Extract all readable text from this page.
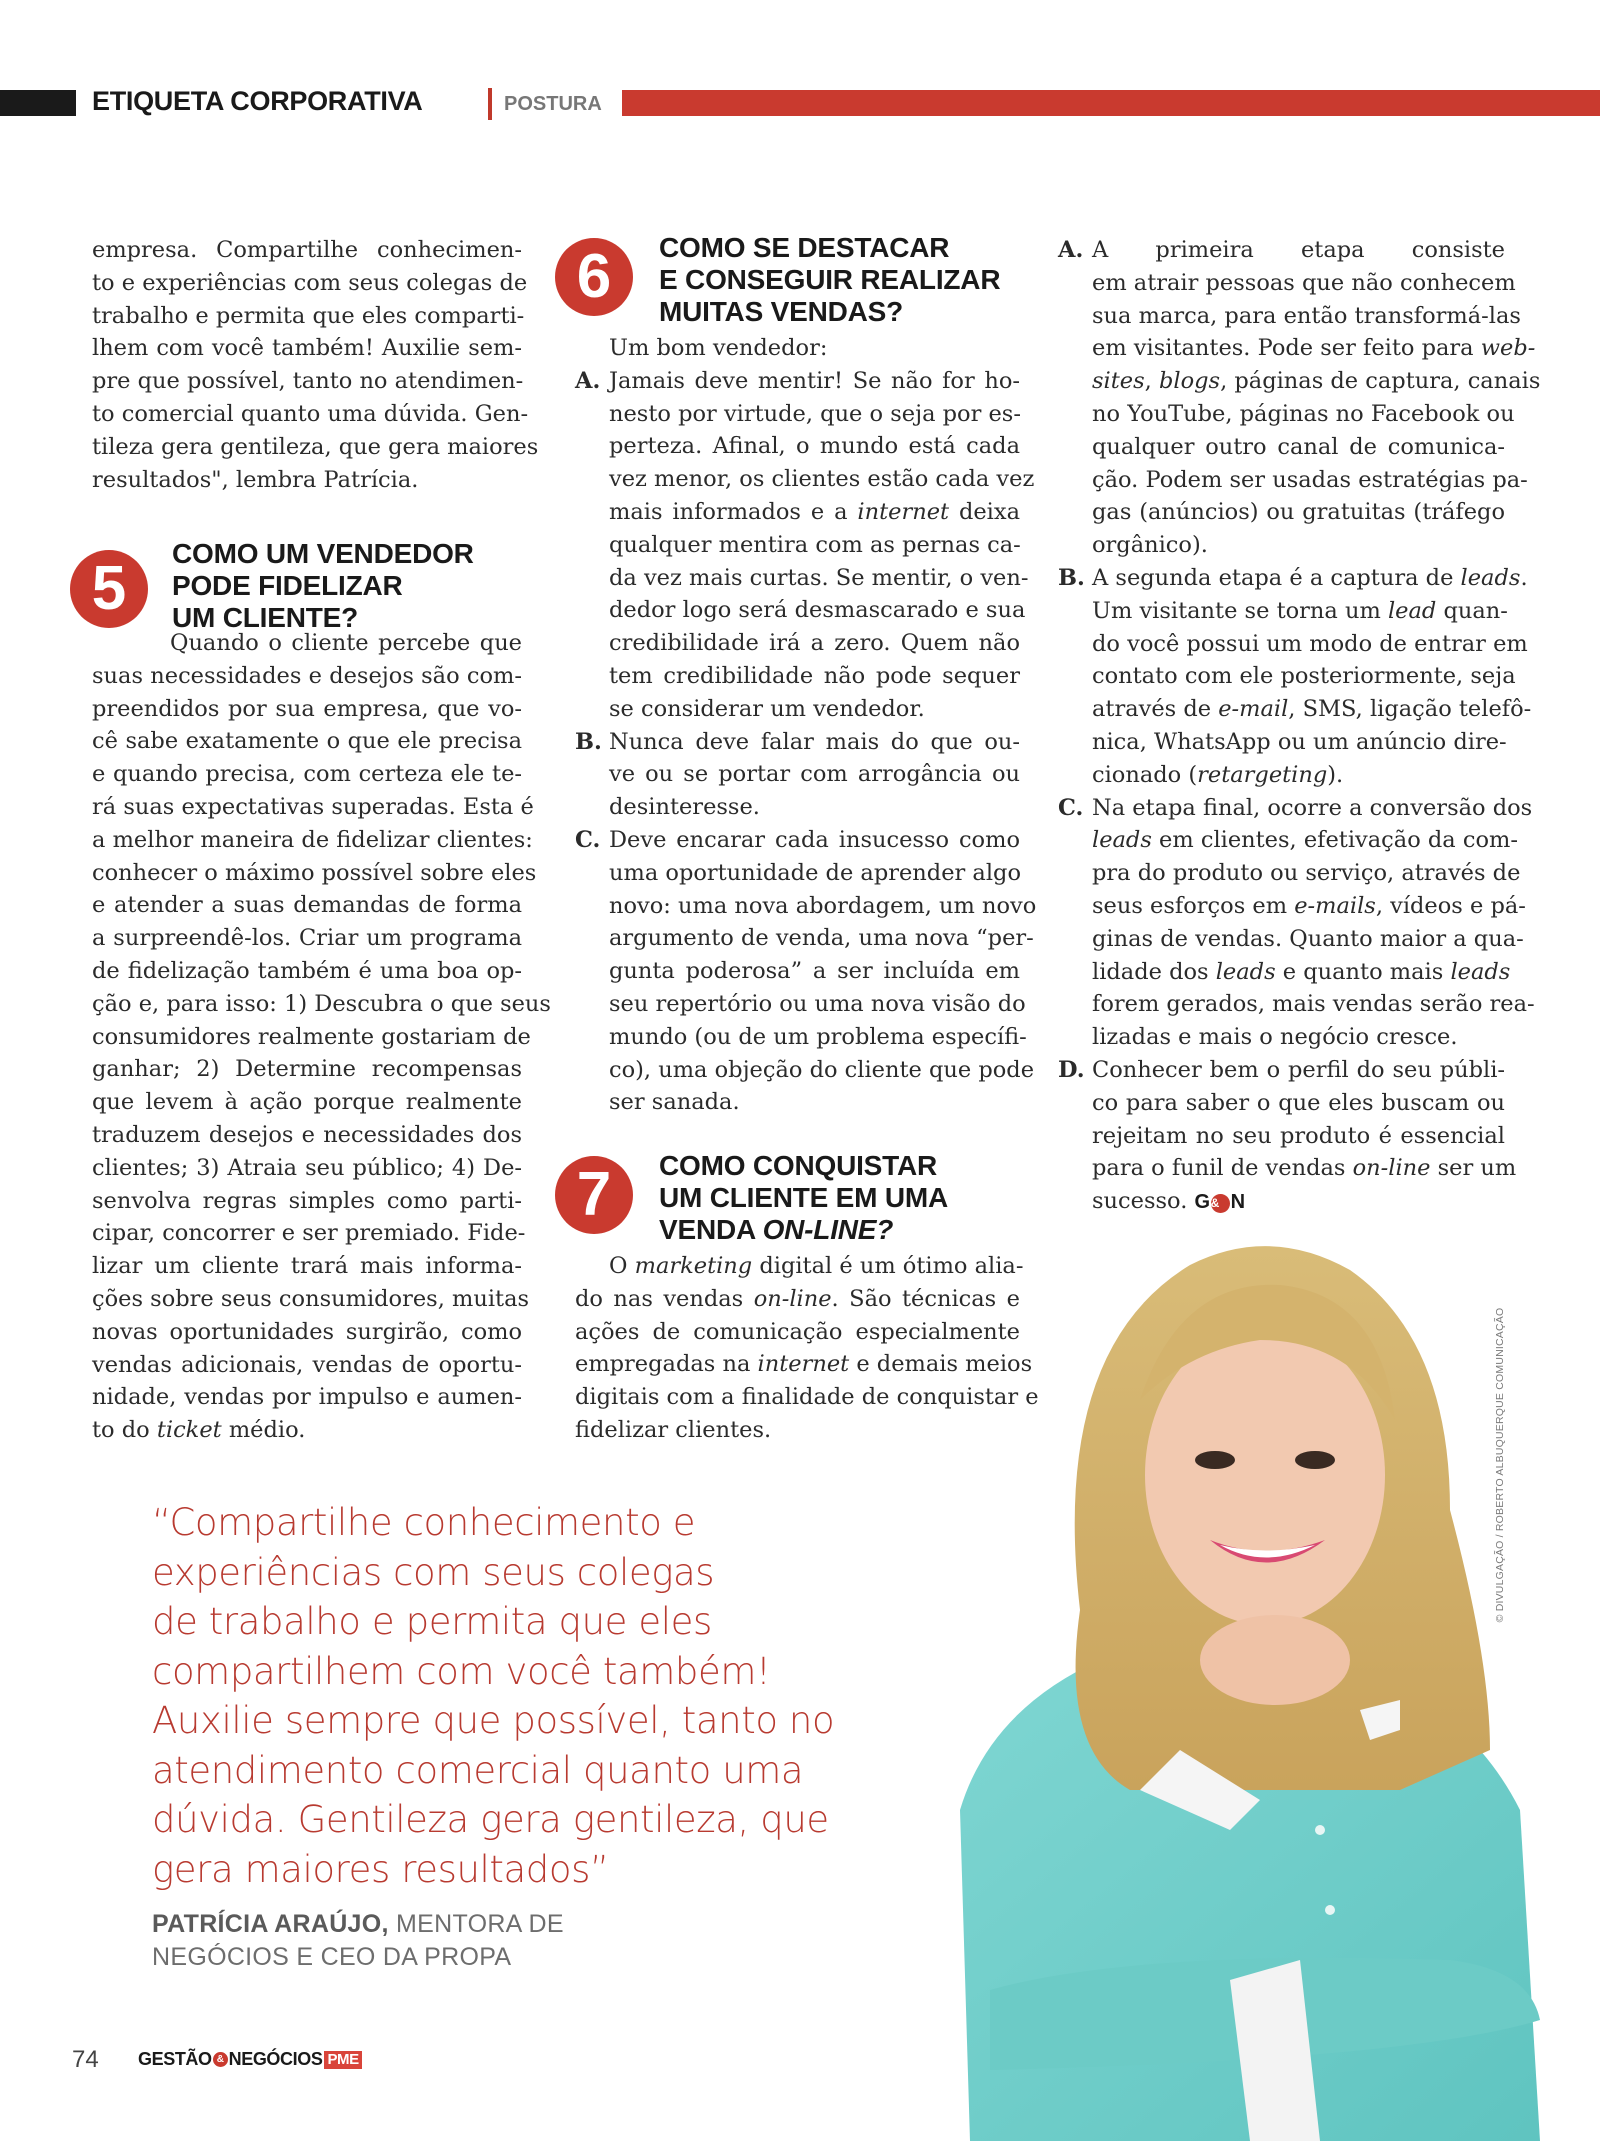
ETIQUETA CORPORATIVA	POSTURA

empresa. Compartilhe conhecimen-
to e experiências com seus colegas de
trabalho e permita que eles comparti-
lhem com você também! Auxilie sem-
pre que possível, tanto no atendimen-
to comercial quanto uma dúvida. Gen-
tileza gera gentileza, que gera maiores
resultados", lembra Patrícia.

5
COMO UM VENDEDOR
PODE FIDELIZAR
UM CLIENTE?

Quando o cliente percebe que
suas necessidades e desejos são com-
preendidos por sua empresa, que vo-
cê sabe exatamente o que ele precisa
e quando precisa, com certeza ele te-
rá suas expectativas superadas. Esta é
a melhor maneira de fidelizar clientes:
conhecer o máximo possível sobre eles
e atender a suas demandas de forma
a surpreendê-los. Criar um programa
de fidelização também é uma boa op-
ção e, para isso: 1) Descubra o que seus
consumidores realmente gostariam de
ganhar; 2) Determine recompensas
que levem à ação porque realmente
traduzem desejos e necessidades dos
clientes; 3) Atraia seu público; 4) De-
senvolva regras simples como parti-
cipar, concorrer e ser premiado. Fide-
lizar um cliente trará mais informa-
ções sobre seus consumidores, muitas
novas oportunidades surgirão, como
vendas adicionais, vendas de oportu-
nidade, vendas por impulso e aumen-

to do ticket médio.
6	COMO SE DESTACAR
E CONSEGUIR REALIZAR
MUITAS VENDAS?
Um bom vendedor:
A. Jamais deve mentir! Se não for ho-
nesto por virtude, que o seja por es-
perteza. Afinal, o mundo está cada
vez menor, os clientes estão cada vez
mais informados e a internet deixa
qualquer mentira com as pernas ca-
da vez mais curtas. Se mentir, o ven-
dedor logo será desmascarado e sua
credibilidade irá a zero. Quem não
tem credibilidade não pode sequer
se considerar um vendedor.
B. Nunca deve falar mais do que ou-
ve ou se portar com arrogância ou
desinteresse.
C. Deve encarar cada insucesso como
uma oportunidade de aprender algo
novo: uma nova abordagem, um novo
argumento de venda, uma nova “per-
gunta poderosa” a ser incluída em
seu repertório ou uma nova visão do
mundo (ou de um problema específi-
co), uma objeção do cliente que pode
ser sanada.
7	COMO CONQUISTAR
UM CLIENTE EM UMA
VENDA ON-LINE?
O marketing digital é um ótimo alia-
do nas vendas on-line. São técnicas e
ações de comunicação especialmente
empregadas na internet e demais meios
digitais com a finalidade de conquistar e
fidelizar clientes.
A. A primeira etapa consiste
em atrair pessoas que não conhecem
sua marca, para então transformá-las
em visitantes. Pode ser feito para web-
sites, blogs, páginas de captura, canais
no YouTube, páginas no Facebook ou
qualquer outro canal de comunica-
ção. Podem ser usadas estratégias pa-
gas (anúncios) ou gratuitas (tráfego
orgânico).
B. A segunda etapa é a captura de leads.
Um visitante se torna um lead quan-
do você possui um modo de entrar em
contato com ele posteriormente, seja
através de e-mail, SMS, ligação telefô-
nica, WhatsApp ou um anúncio dire-
cionado (retargeting).
C. Na etapa final, ocorre a conversão dos
leads em clientes, efetivação da com-
pra do produto ou serviço, através de
seus esforços em e-mails, vídeos e pá-
ginas de vendas. Quanto maior a qua-
lidade dos leads e quanto mais leads
forem gerados, mais vendas serão rea-
lizadas e mais o negócio cresce.
D. Conhecer bem o perfil do seu públi-
co para saber o que eles buscam ou
rejeitam no seu produto é essencial
para o funil de vendas on-line ser um
sucesso. G& N
© DIVULGAÇÃO / ROBERTO ALBUQUERQUE COMUNICAÇÃO
“Compartilhe conhecimento e
experiências com seus colegas
de trabalho e permita que eles
compartilhem com você também!
Auxilie sempre que possível, tanto no
atendimento comercial quanto uma
dúvida. Gentileza gera gentileza, que
gera maiores resultados”
PATRÍCIA ARAÚJO, MENTORA DE
NEGÓCIOS E CEO DA PROPA
74 GESTÃO & NEGÓCIOS PME
